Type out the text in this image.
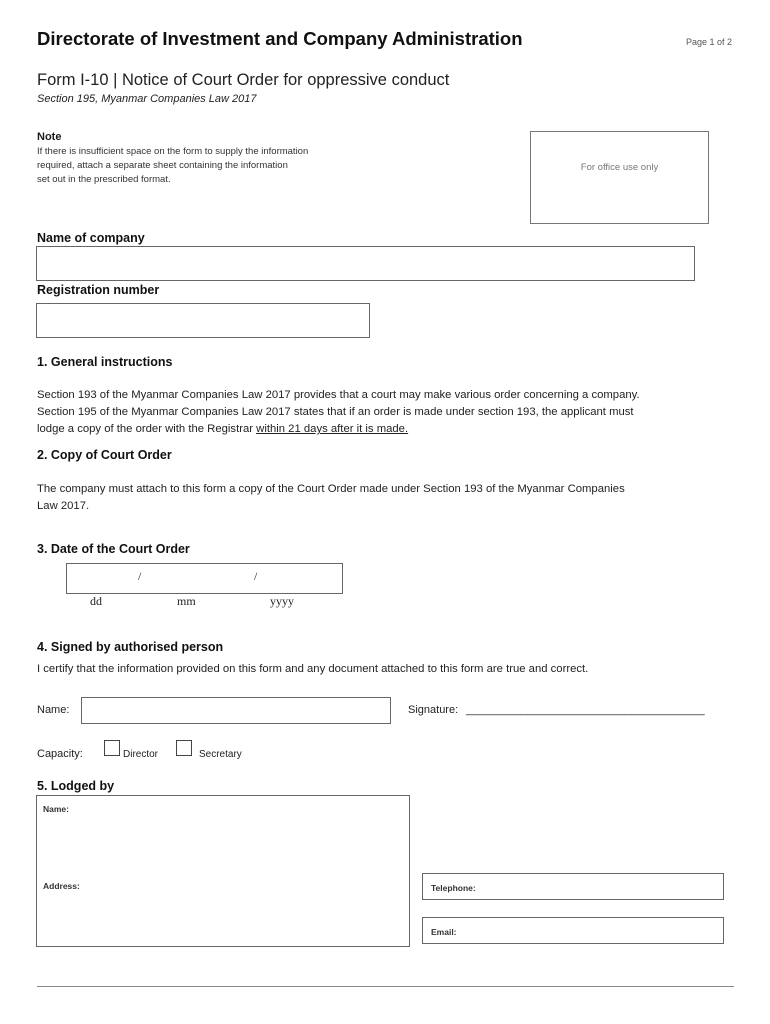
Directorate of Investment and Company Administration	Page 1 of 2
Form I-10 | Notice of Court Order for oppressive conduct
Section 195, Myanmar Companies Law 2017
Note
If there is insufficient space on the form to supply the information
required, attach a separate sheet containing the information
set out in the prescribed format.
For office use only
Name of company
Registration number
1. General instructions
Section 193 of the Myanmar Companies Law 2017 provides that a court may make various order concerning a company.
Section 195 of the Myanmar Companies Law 2017 states that if an order is made under section 193, the applicant must
lodge a copy of the order with the Registrar within 21 days after it is made.
2. Copy of Court Order
The company must attach to this form a copy of the Court Order made under Section 193 of the Myanmar Companies
Law 2017.
3. Date of the Court Order
/	/
dd	mm	yyyy
4. Signed by authorised person
I certify that the information provided on this form and any document attached to this form are true and correct.
Name:	Signature: _______________________________________
Capacity:	Director	Secretary
5. Lodged by
Name:
Address:	Telephone:
Email:
